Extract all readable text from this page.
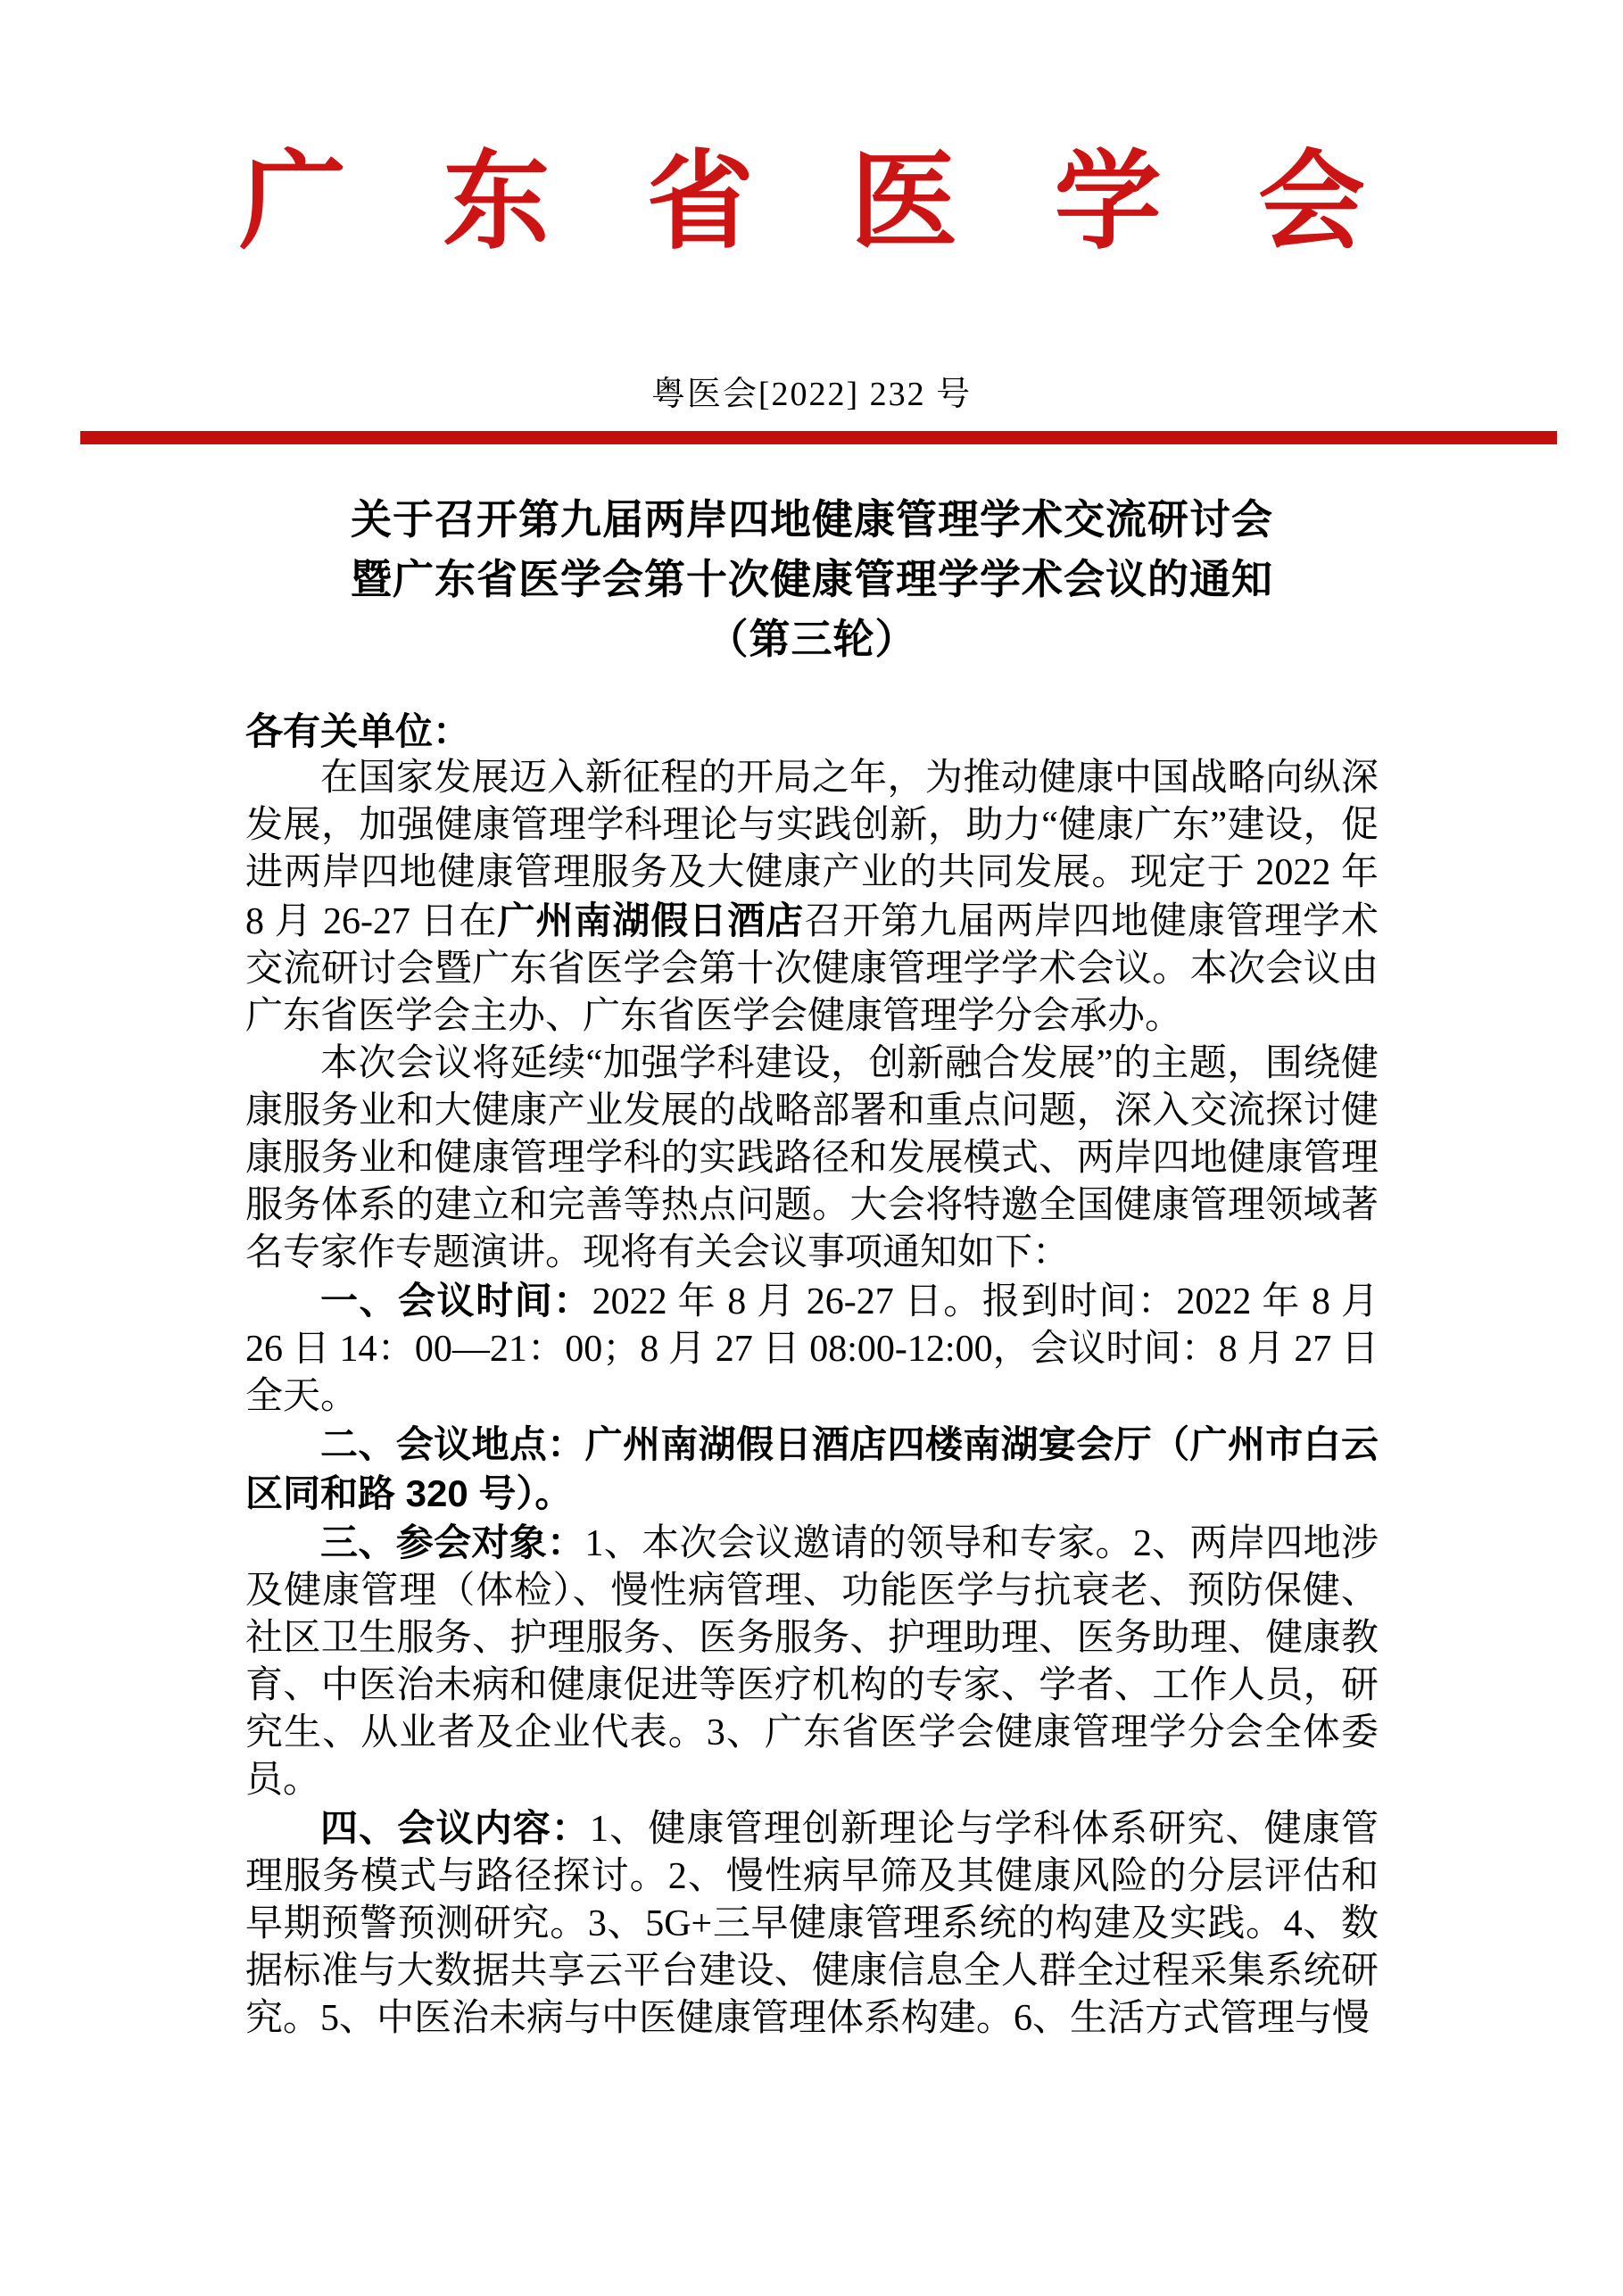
广 东 省 医 学 会
粤医会[2022] 232 号
关于召开第九届两岸四地健康管理学术交流研讨会
暨广东省医学会第十次健康管理学学术会议的通知
（第三轮）

各有关单位：

在国家发展迈入新征程的开局之年，为推动健康中国战略向纵深发展，加强健康管理学科理论与实践创新，助力“健康广东”建设，促进两岸四地健康管理服务及大健康产业的共同发展。现定于 2022 年 8 月 26-27 日在广州南湖假日酒店召开第九届两岸四地健康管理学术交流研讨会暨广东省医学会第十次健康管理学学术会议。本次会议由广东省医学会主办、广东省医学会健康管理学分会承办。

本次会议将延续“加强学科建设，创新融合发展”的主题，围绕健康服务业和大健康产业发展的战略部署和重点问题，深入交流探讨健康服务业和健康管理学科的实践路径和发展模式、两岸四地健康管理服务体系的建立和完善等热点问题。大会将特邀全国健康管理领域著名专家作专题演讲。现将有关会议事项通知如下：

一、会议时间：2022 年 8 月 26-27 日。报到时间：2022 年 8 月 26 日 14：00—21：00；8 月 27 日 08:00-12:00，会议时间：8 月 27 日全天。

二、会议地点：广州南湖假日酒店四楼南湖宴会厅（广州市白云区同和路 320 号）。

三、参会对象：1、本次会议邀请的领导和专家。2、两岸四地涉及健康管理（体检）、慢性病管理、功能医学与抗衰老、预防保健、社区卫生服务、护理服务、医务服务、护理助理、医务助理、健康教育、中医治未病和健康促进等医疗机构的专家、学者、工作人员，研究生、从业者及企业代表。3、广东省医学会健康管理学分会全体委员。

四、会议内容：1、健康管理创新理论与学科体系研究、健康管理服务模式与路径探讨。2、慢性病早筛及其健康风险的分层评估和早期预警预测研究。3、5G+三早健康管理系统的构建及实践。4、数据标准与大数据共享云平台建设、健康信息全人群全过程采集系统研究。5、中医治未病与中医健康管理体系构建。6、生活方式管理与慢
